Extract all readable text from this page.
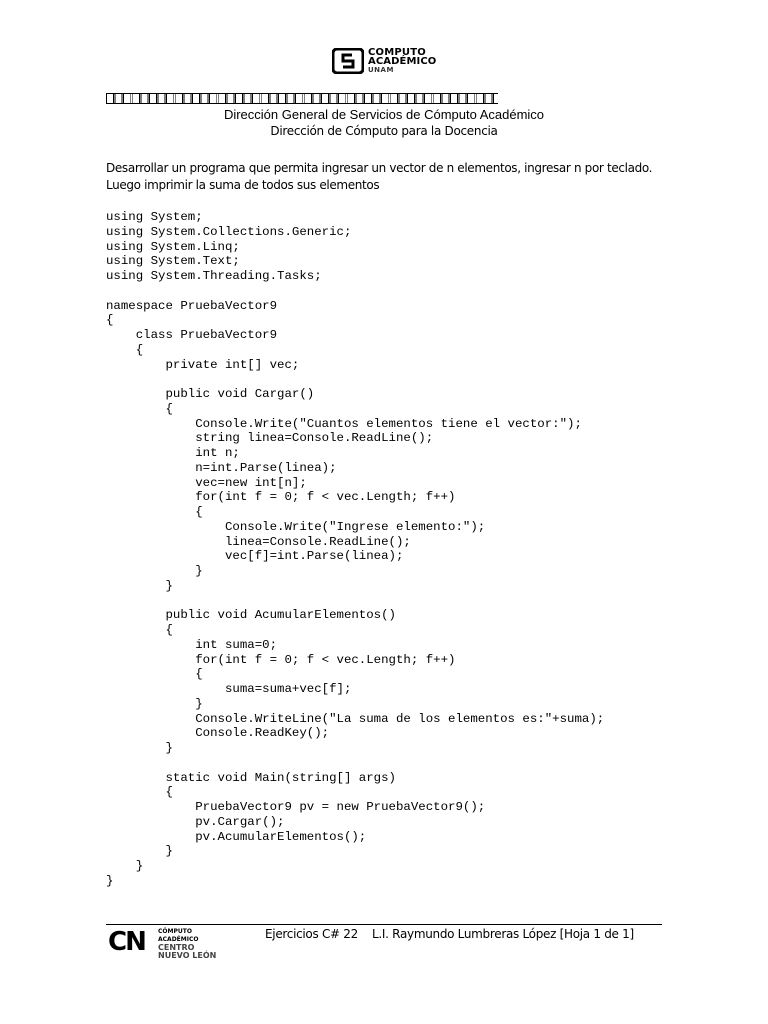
COMPUTO
ACADÉMICO
UNAM
Dirección General de Servicios de Cómputo Académico
Dirección de Cómputo para la Docencia
Desarrollar un programa que permita ingresar un vector de n elementos, ingresar n por teclado. Luego imprimir la suma de todos sus elementos
using System;
using System.Collections.Generic;
using System.Linq;
using System.Text;
using System.Threading.Tasks;

namespace PruebaVector9
{
class PruebaVector9
{
private int[] vec;

public void Cargar()
{
Console.Write("Cuantos elementos tiene el vector:");
string linea=Console.ReadLine();
int n;
n=int.Parse(linea);
vec=new int[n];
for(int f = 0; f < vec.Length; f++)
{
Console.Write("Ingrese elemento:");
linea=Console.ReadLine();
vec[f]=int.Parse(linea);
}
}

public void AcumularElementos()
{
int suma=0;
for(int f = 0; f < vec.Length; f++)
{
suma=suma+vec[f];
}
Console.WriteLine("La suma de los elementos es:"+suma);
Console.ReadKey();
}

static void Main(string[] args)
{
PruebaVector9 pv = new PruebaVector9();
pv.Cargar();
pv.AcumularElementos();
}
}
}
CN CÓMPUTO ACADÉMICO
CENTRO
NUEVO LEÓN
Ejercicios C# 22    L.I. Raymundo Lumbreras López [Hoja 1 de 1]
